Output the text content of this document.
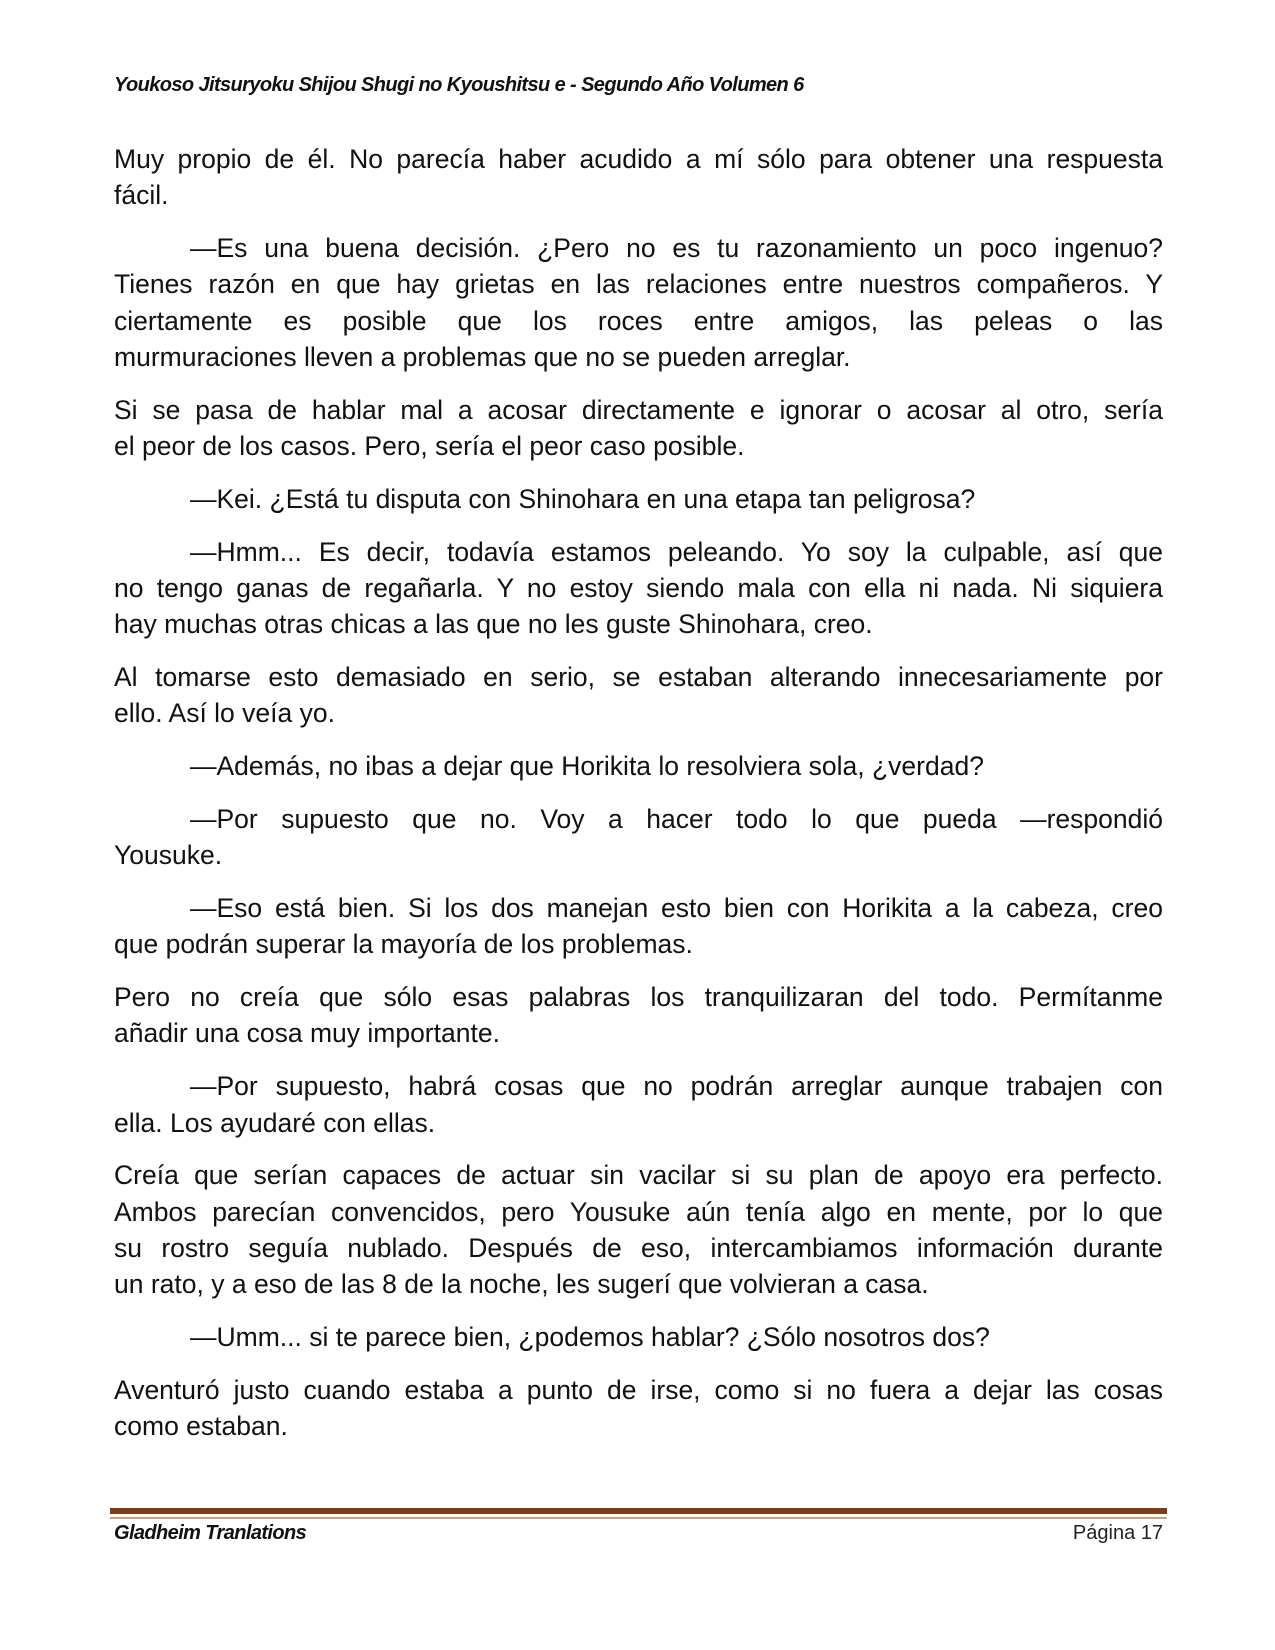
Youkoso Jitsuryoku Shijou Shugi no Kyoushitsu e - Segundo Año Volumen 6

Muy propio de él. No parecía haber acudido a mí sólo para obtener una respuesta
fácil.

—Es una buena decisión. ¿Pero no es tu razonamiento un poco ingenuo?
Tienes razón en que hay grietas en las relaciones entre nuestros compañeros. Y
ciertamente es posible que los roces entre amigos, las peleas o las
murmuraciones lleven a problemas que no se pueden arreglar.

Si se pasa de hablar mal a acosar directamente e ignorar o acosar al otro, sería
el peor de los casos. Pero, sería el peor caso posible.

—Kei. ¿Está tu disputa con Shinohara en una etapa tan peligrosa?

—Hmm... Es decir, todavía estamos peleando. Yo soy la culpable, así que
no tengo ganas de regañarla. Y no estoy siendo mala con ella ni nada. Ni siquiera
hay muchas otras chicas a las que no les guste Shinohara, creo.

Al tomarse esto demasiado en serio, se estaban alterando innecesariamente por
ello. Así lo veía yo.

—Además, no ibas a dejar que Horikita lo resolviera sola, ¿verdad?

—Por supuesto que no. Voy a hacer todo lo que pueda —respondió
Yousuke.

—Eso está bien. Si los dos manejan esto bien con Horikita a la cabeza, creo
que podrán superar la mayoría de los problemas.

Pero no creía que sólo esas palabras los tranquilizaran del todo. Permítanme
añadir una cosa muy importante.

—Por supuesto, habrá cosas que no podrán arreglar aunque trabajen con
ella. Los ayudaré con ellas.

Creía que serían capaces de actuar sin vacilar si su plan de apoyo era perfecto.
Ambos parecían convencidos, pero Yousuke aún tenía algo en mente, por lo que
su rostro seguía nublado. Después de eso, intercambiamos información durante
un rato, y a eso de las 8 de la noche, les sugerí que volvieran a casa.

—Umm... si te parece bien, ¿podemos hablar? ¿Sólo nosotros dos?

Aventuró justo cuando estaba a punto de irse, como si no fuera a dejar las cosas
como estaban.

Gladheim Tranlations	Página 17
